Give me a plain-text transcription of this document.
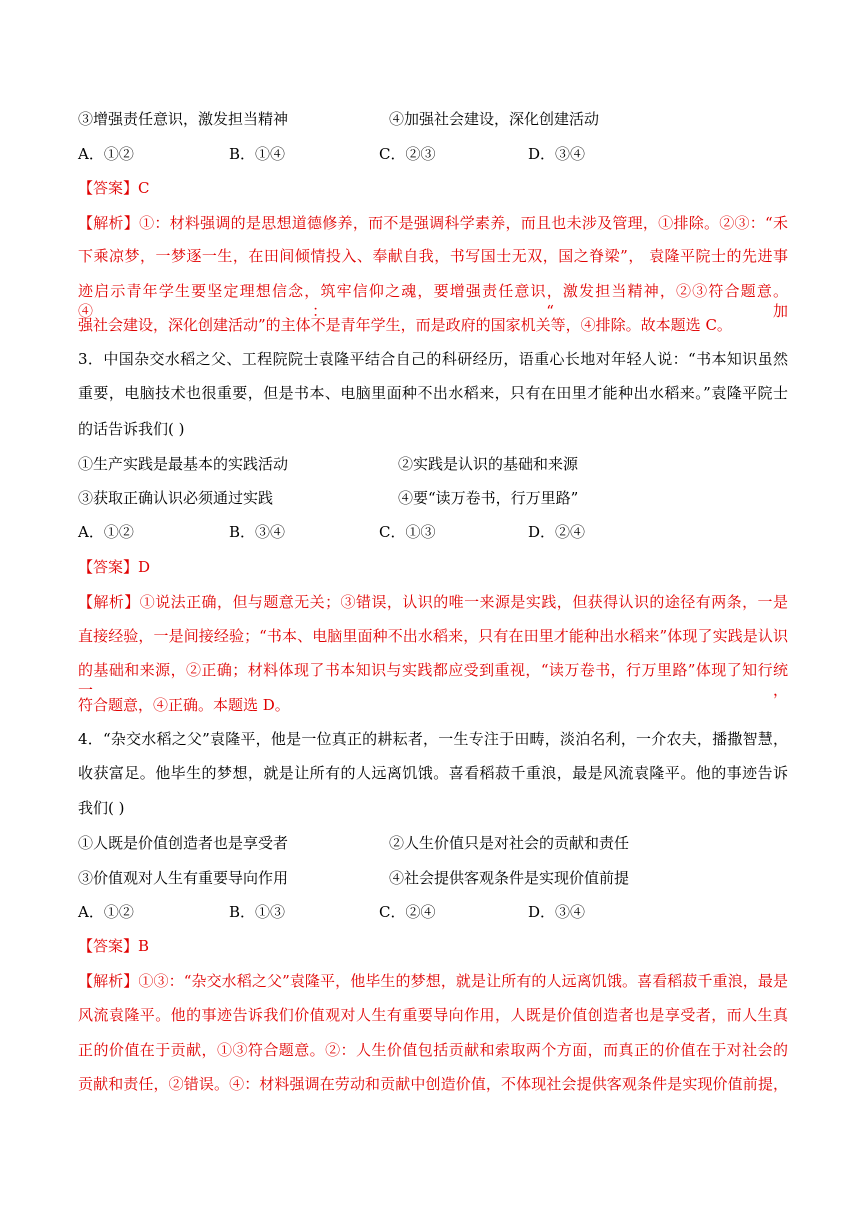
③增强责任意识，激发担当精神	④加强社会建设，深化创建活动
A．①②	B．①④	C．②③	D．③④
【答案】C
【解析】①：材料强调的是思想道德修养，而不是强调科学素养，而且也未涉及管理，①排除。②③：“禾
下乘凉梦，一梦逐一生，在田间倾情投入、奉献自我，书写国士无双，国之脊梁”， 袁隆平院士的先进事
迹启示青年学生要坚定理想信念，筑牢信仰之魂，要增强责任意识，激发担当精神，②③符合题意。④：“加
强社会建设，深化创建活动”的主体不是青年学生，而是政府的国家机关等，④排除。故本题选 C。
3．中国杂交水稻之父、工程院院士袁隆平结合自己的科研经历，语重心长地对年轻人说：“书本知识虽然
重要，电脑技术也很重要，但是书本、电脑里面种不出水稻来，只有在田里才能种出水稻来。”袁隆平院士
的话告诉我们( )
①生产实践是最基本的实践活动	②实践是认识的基础和来源
③获取正确认识必须通过实践	④要“读万卷书，行万里路”
A．①②	B．③④	C．①③	D．②④
【答案】D
【解析】①说法正确，但与题意无关；③错误，认识的唯一来源是实践，但获得认识的途径有两条，一是
直接经验，一是间接经验；“书本、电脑里面种不出水稻来，只有在田里才能种出水稻来”体现了实践是认识
的基础和来源，②正确；材料体现了书本知识与实践都应受到重视，“读万卷书，行万里路”体现了知行统一，
符合题意，④正确。本题选 D。
4．“杂交水稻之父”袁隆平，他是一位真正的耕耘者，一生专注于田畴，淡泊名利，一介农夫，播撒智慧，
收获富足。他毕生的梦想，就是让所有的人远离饥饿。喜看稻菽千重浪，最是风流袁隆平。他的事迹告诉
我们( )
①人既是价值创造者也是享受者	②人生价值只是对社会的贡献和责任
③价值观对人生有重要导向作用	④社会提供客观条件是实现价值前提
A．①②	B．①③	C．②④	D．③④
【答案】B
【解析】①③：“杂交水稻之父”袁隆平，他毕生的梦想，就是让所有的人远离饥饿。喜看稻菽千重浪，最是
风流袁隆平。他的事迹告诉我们价值观对人生有重要导向作用，人既是价值创造者也是享受者，而人生真
正的价值在于贡献，①③符合题意。②：人生价值包括贡献和索取两个方面，而真正的价值在于对社会的
贡献和责任，②错误。④：材料强调在劳动和贡献中创造价值，不体现社会提供客观条件是实现价值前提，
